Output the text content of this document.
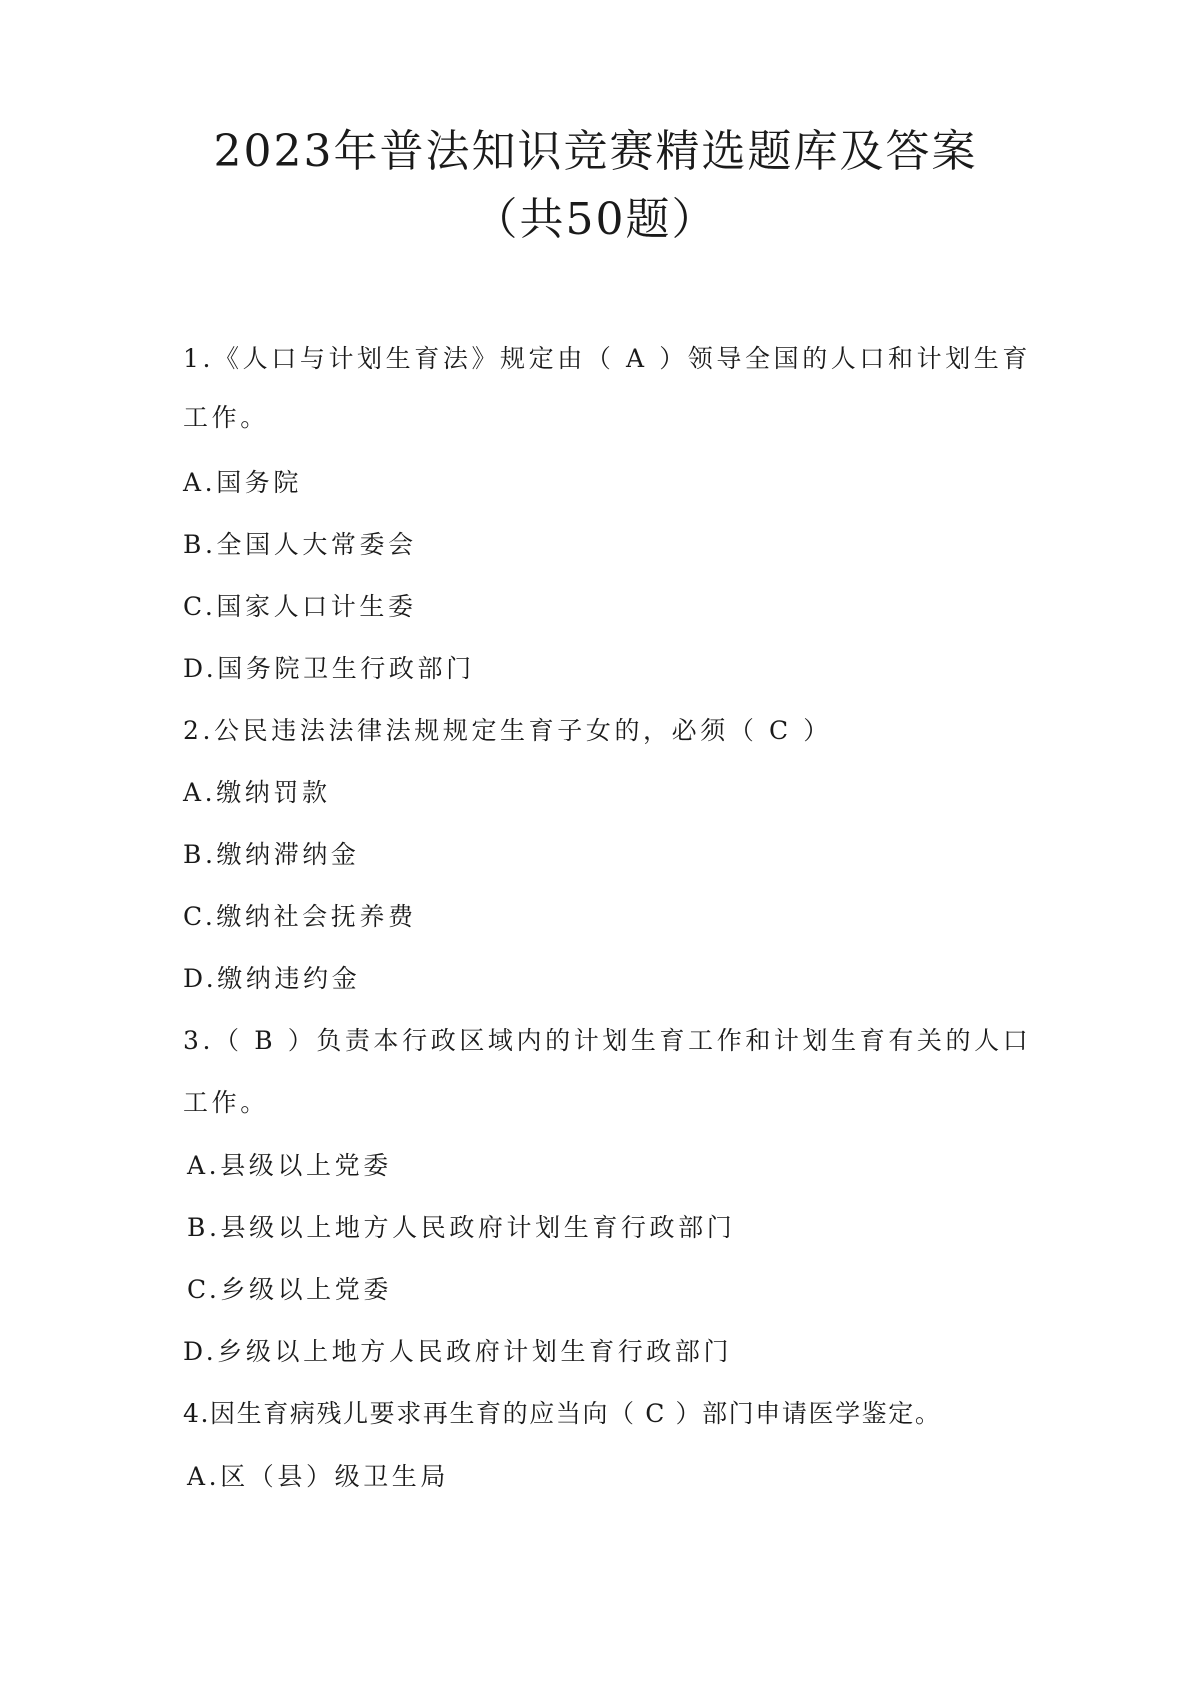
2023年普法知识竞赛精选题库及答案
（共50题）
1.《人口与计划生育法》规定由（ A ）领导全国的人口和计划生育
工作。
A.国务院
B.全国人大常委会
C.国家人口计生委
D.国务院卫生行政部门
2.公民违法法律法规规定生育子女的，必须（ C ）
A.缴纳罚款
B.缴纳滞纳金
C.缴纳社会抚养费
D.缴纳违约金
3.（ B ）负责本行政区域内的计划生育工作和计划生育有关的人口
工作。
A.县级以上党委
B.县级以上地方人民政府计划生育行政部门
C.乡级以上党委
D.乡级以上地方人民政府计划生育行政部门
4.因生育病残儿要求再生育的应当向（ C ）部门申请医学鉴定。
A.区（县）级卫生局
